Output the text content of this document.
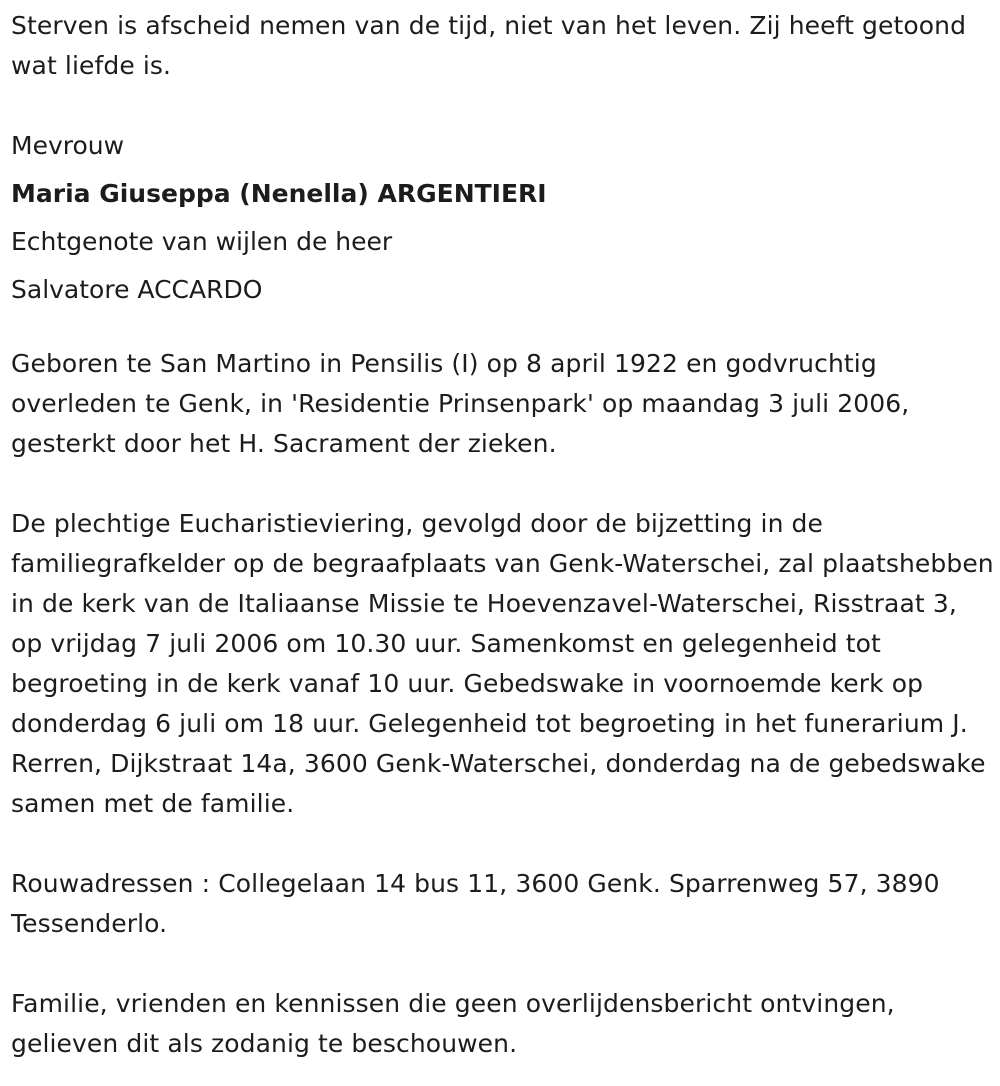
Sterven is afscheid nemen van de tijd, niet van het leven. Zij heeft getoond wat liefde is.

Mevrouw
Maria Giuseppa (Nenella) ARGENTIERI
Echtgenote van wijlen de heer
Salvatore ACCARDO

Geboren te San Martino in Pensilis (I) op 8 april 1922 en godvruchtig overleden te Genk, in 'Residentie Prinsenpark' op maandag 3 juli 2006, gesterkt door het H. Sacrament der zieken.

De plechtige Eucharistieviering, gevolgd door de bijzetting in de familiegrafkelder op de begraafplaats van Genk-Waterschei, zal plaatshebben in de kerk van de Italiaanse Missie te Hoevenzavel-Waterschei, Risstraat 3, op vrijdag 7 juli 2006 om 10.30 uur. Samenkomst en gelegenheid tot begroeting in de kerk vanaf 10 uur. Gebedswake in voornoemde kerk op donderdag 6 juli om 18 uur. Gelegenheid tot begroeting in het funerarium J. Rerren, Dijkstraat 14a, 3600 Genk-Waterschei, donderdag na de gebedswake samen met de familie.

Rouwadressen : Collegelaan 14 bus 11, 3600 Genk. Sparrenweg 57, 3890 Tessenderlo.

Familie, vrienden en kennissen die geen overlijdensbericht ontvingen, gelieven dit als zodanig te beschouwen.
